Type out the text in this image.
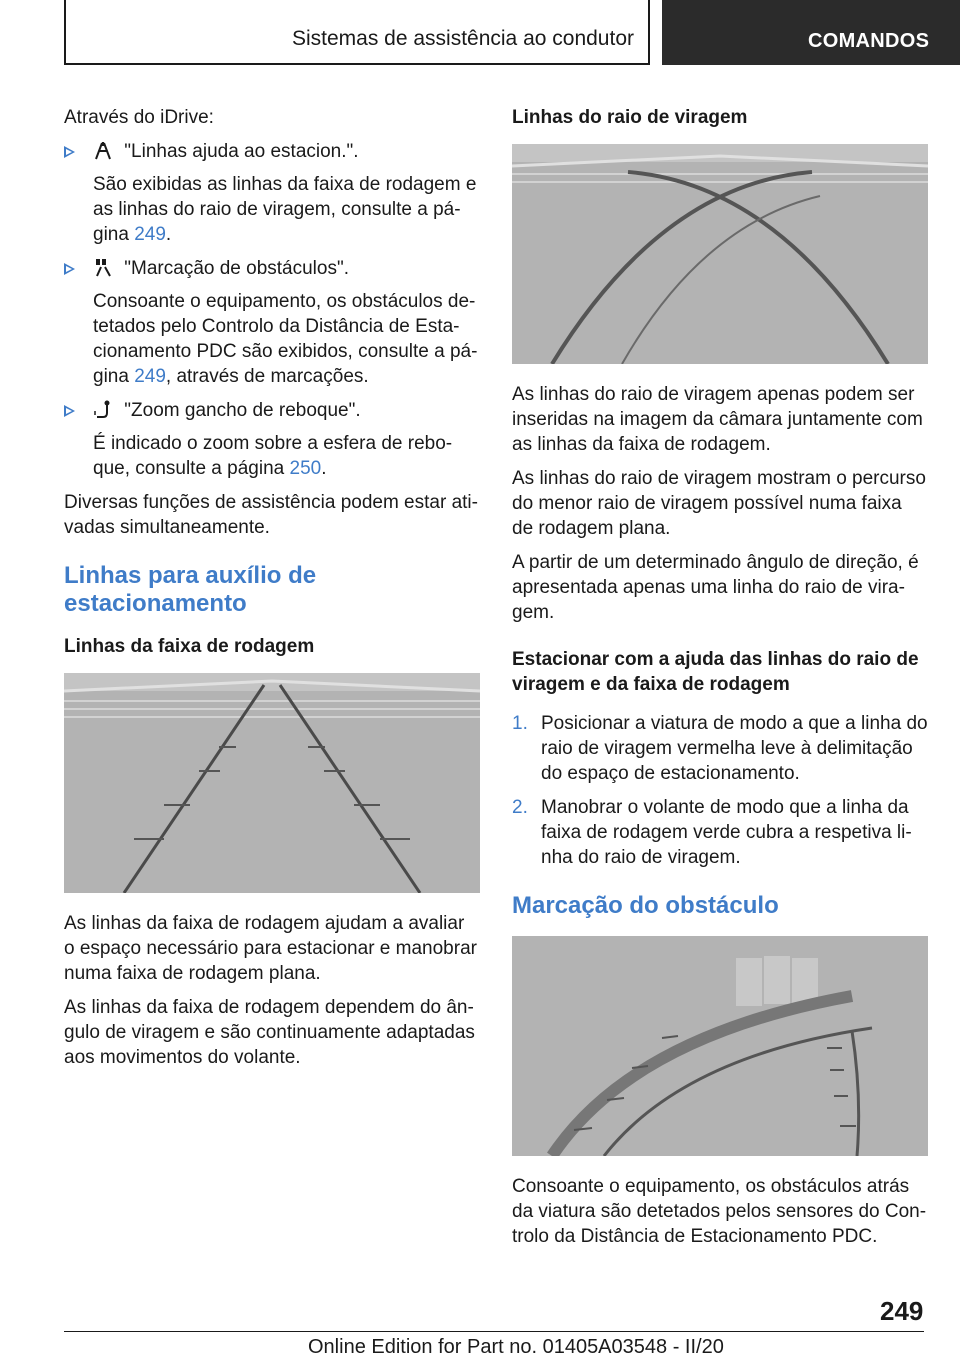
Sistemas de assistência ao condutor	COMANDOS

Através do iDrive:

"Linhas ajuda ao estacion.".
São exibidas as linhas da faixa de rodagem e as linhas do raio de viragem, consulte a pá-gina 249.
"Marcação de obstáculos".
Consoante o equipamento, os obstáculos de-tetados pelo Controlo da Distância de Esta-cionamento PDC são exibidos, consulte a pá-gina 249, através de marcações.
"Zoom gancho de reboque".
É indicado o zoom sobre a esfera de rebo-que, consulte a página 250.

Diversas funções de assistência podem estar ati-vadas simultaneamente.

Linhas para auxílio de estacionamento
Linhas da faixa de rodagem

As linhas da faixa de rodagem ajudam a avaliar o espaço necessário para estacionar e manobrar numa faixa de rodagem plana.

As linhas da faixa de rodagem dependem do ân-gulo de viragem e são continuamente adaptadas aos movimentos do volante.

Linhas do raio de viragem

As linhas do raio de viragem apenas podem ser inseridas na imagem da câmara juntamente com as linhas da faixa de rodagem.

As linhas do raio de viragem mostram o percurso do menor raio de viragem possível numa faixa de rodagem plana.

A partir de um determinado ângulo de direção, é apresentada apenas uma linha do raio de vira-gem.

Estacionar com a ajuda das linhas do raio de viragem e da faixa de rodagem
1. Posicionar a viatura de modo a que a linha do raio de viragem vermelha leve à delimitação do espaço de estacionamento.
2. Manobrar o volante de modo que a linha da faixa de rodagem verde cubra a respetiva li-nha do raio de viragem.
Marcação do obstáculo

Consoante o equipamento, os obstáculos atrás da viatura são detetados pelos sensores do Con-trolo da Distância de Estacionamento PDC.

249
Online Edition for Part no. 01405A03548 - II/20
